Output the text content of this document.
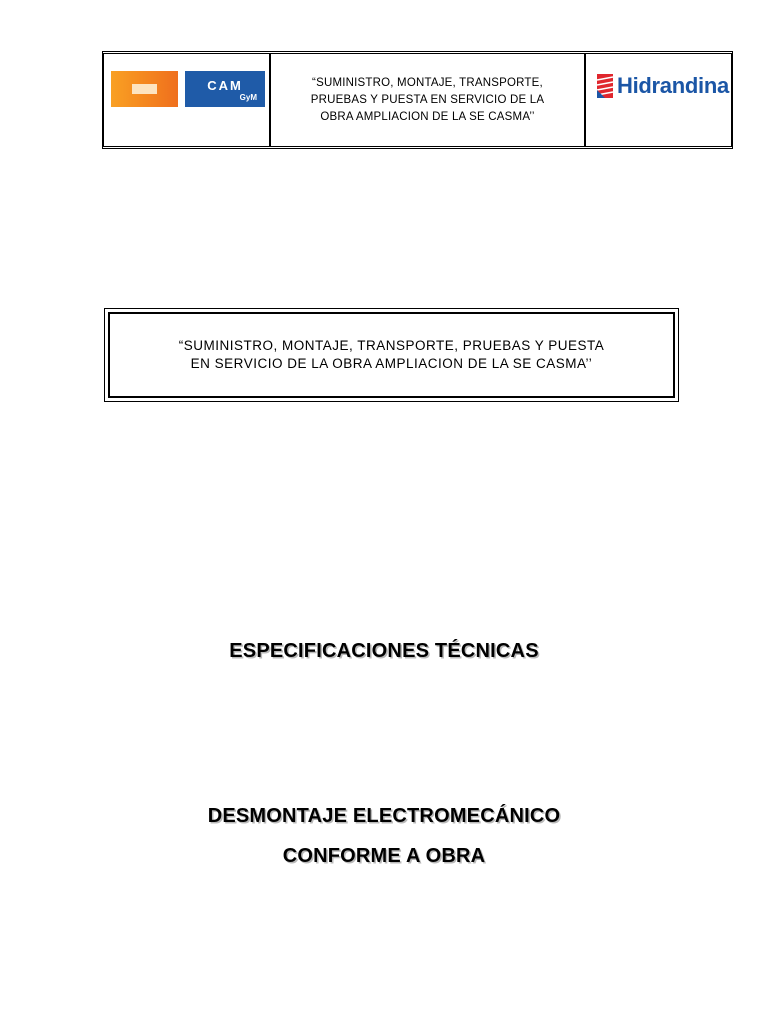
CAM
GyM
“SUMINISTRO, MONTAJE, TRANSPORTE,
PRUEBAS Y PUESTA EN SERVICIO DE LA
OBRA AMPLIACION DE LA SE CASMA’’
Hidrandina
“SUMINISTRO, MONTAJE, TRANSPORTE, PRUEBAS Y PUESTA
EN SERVICIO DE LA OBRA AMPLIACION DE LA SE CASMA’’
ESPECIFICACIONES TÉCNICAS
DESMONTAJE ELECTROMECÁNICO
CONFORME A OBRA
